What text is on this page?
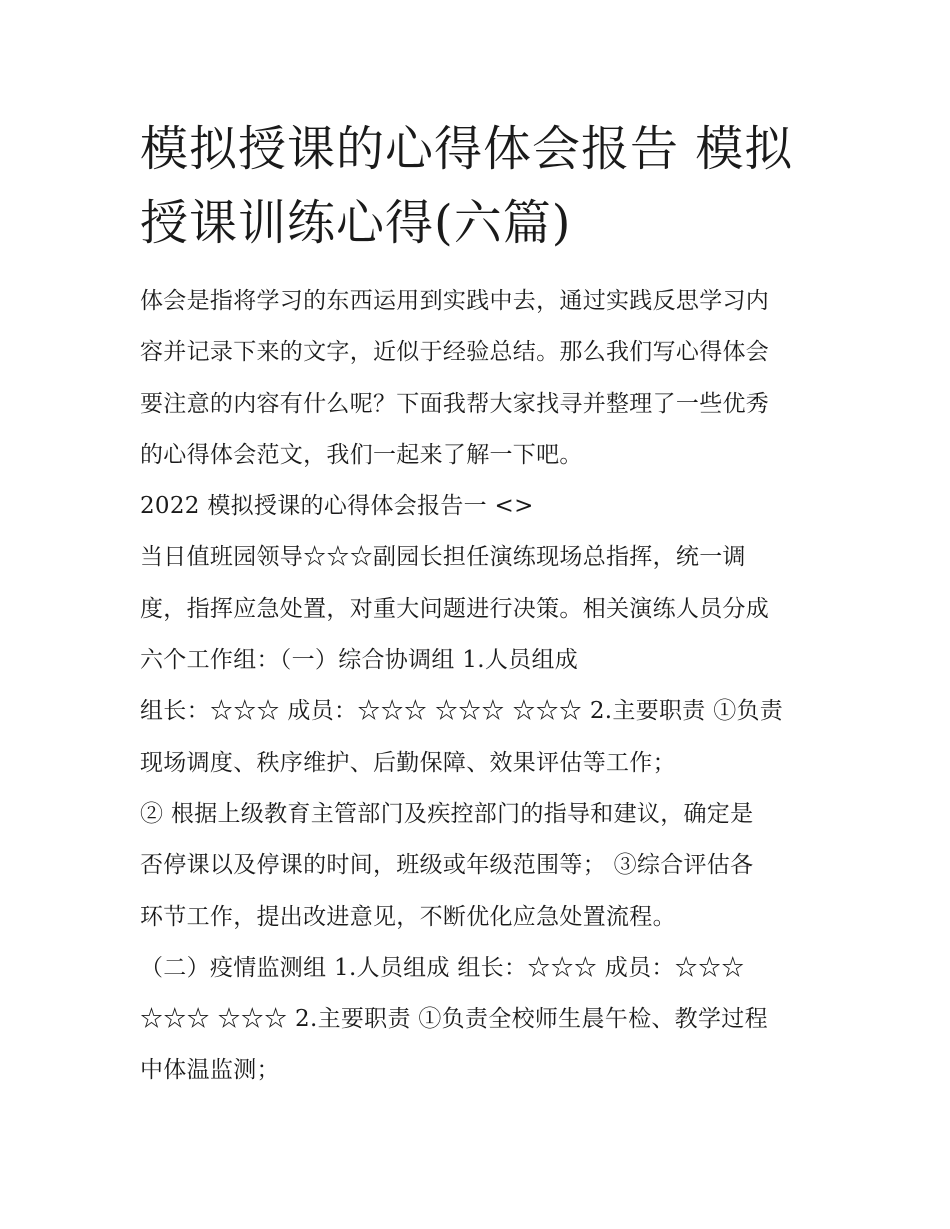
模拟授课的心得体会报告 模拟
授课训练心得(六篇)
体会是指将学习的东西运用到实践中去，通过实践反思学习内
容并记录下来的文字，近似于经验总结。那么我们写心得体会
要注意的内容有什么呢？下面我帮大家找寻并整理了一些优秀
的心得体会范文，我们一起来了解一下吧。
2022 模拟授课的心得体会报告一 <>
当日值班园领导☆☆☆副园长担任演练现场总指挥，统一调
度，指挥应急处置，对重大问题进行决策。相关演练人员分成
六个工作组：（一）综合协调组 1.人员组成
组长：☆☆☆ 成员：☆☆☆ ☆☆☆ ☆☆☆ 2.主要职责 ①负责
现场调度、秩序维护、后勤保障、效果评估等工作；
② 根据上级教育主管部门及疾控部门的指导和建议，确定是
否停课以及停课的时间，班级或年级范围等； ③综合评估各
环节工作，提出改进意见，不断优化应急处置流程。
（二）疫情监测组 1.人员组成 组长：☆☆☆ 成员：☆☆☆
☆☆☆ ☆☆☆ 2.主要职责 ①负责全校师生晨午检、教学过程
中体温监测；
